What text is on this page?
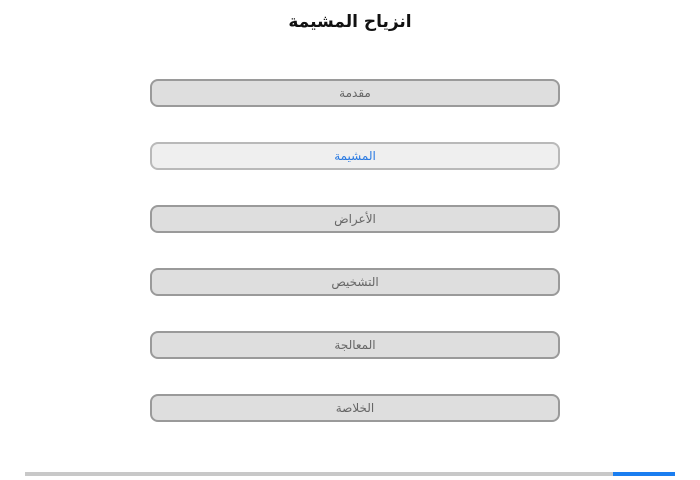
انزياح المشيمة
مقدمة
المشيمة
الأعراض
التشخيص
المعالجة
الخلاصة
